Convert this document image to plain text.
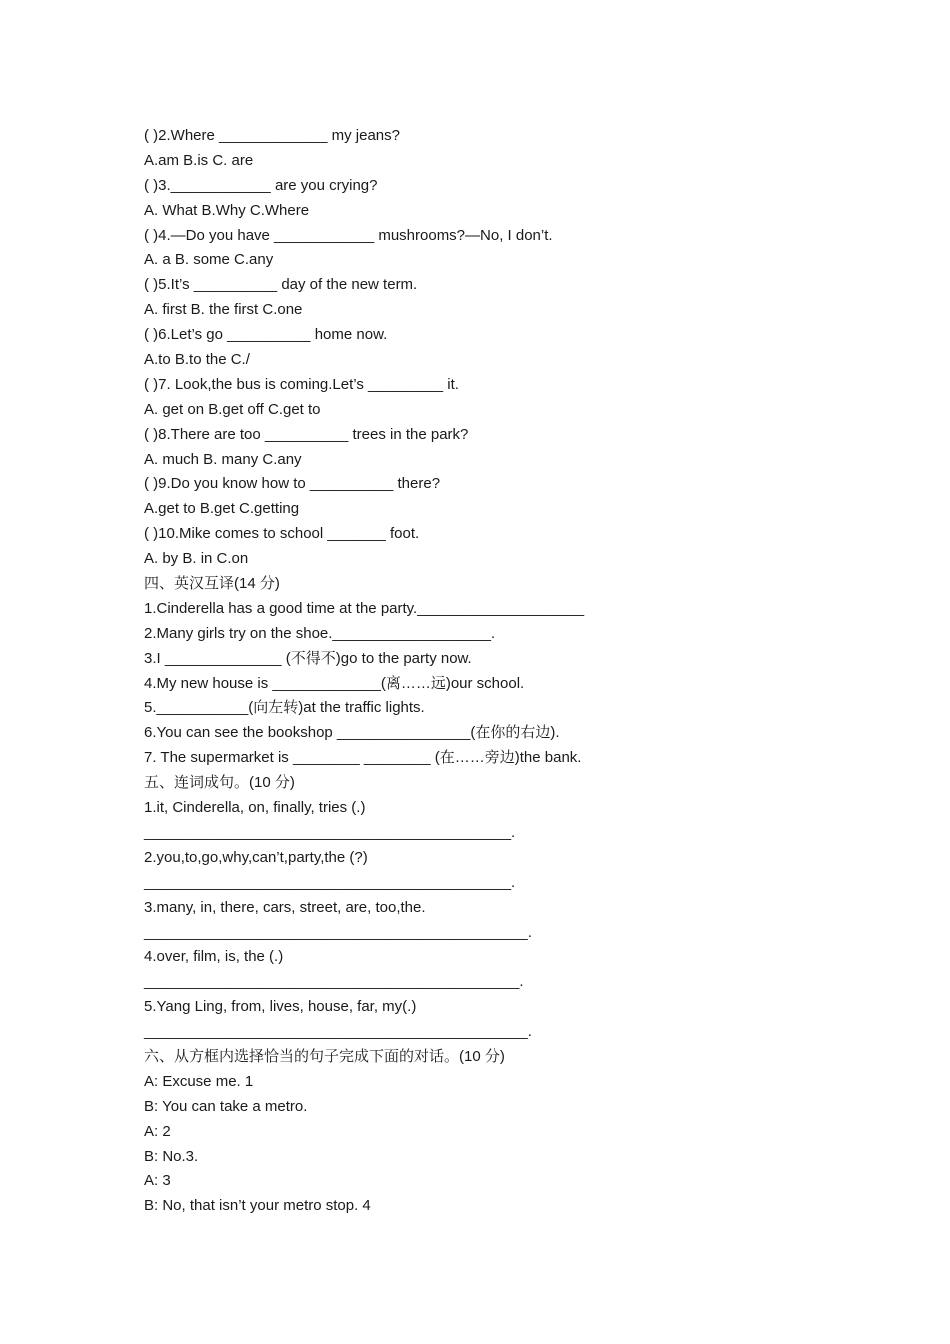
( )2.Where _____________ my jeans?
A.am B.is C. are
( )3.____________ are you crying?
A. What B.Why C.Where
( )4.—Do you have ____________ mushrooms?—No, I don’t.
A. a B. some C.any
( )5.It’s __________ day of the new term.
A. first B. the first C.one
( )6.Let’s go __________ home now.
A.to B.to the C./
( )7. Look,the bus is coming.Let’s _________ it.
A. get on B.get off C.get to
( )8.There are too __________ trees in the park?
A. much B. many C.any
( )9.Do you know how to __________ there?
A.get to B.get C.getting
( )10.Mike comes to school _______ foot.
A. by B. in C.on
四、英汉互译(14 分)
1.Cinderella has a good time at the party.____________________
2.Many girls try on the shoe.___________________.
3.I ______________ (不得不)go to the party now.
4.My new house is _____________(离……远)our school.
5.___________(向左转)at the traffic lights.
6.You can see the bookshop ________________(在你的右边).
7. The supermarket is ________ ________ (在……旁边)the bank.
五、连词成句。(10 分)
1.it, Cinderella, on, finally, tries (.)
____________________________________________.
2.you,to,go,why,can’t,party,the (?)
____________________________________________.
3.many, in, there, cars, street, are, too,the.
______________________________________________.
4.over, film, is, the (.)
_____________________________________________.
5.Yang Ling, from, lives, house, far, my(.)
______________________________________________.
六、从方框内选择恰当的句子完成下面的对话。(10 分)
A: Excuse me. 1
B: You can take a metro.
A: 2
B: No.3.
A: 3
B: No, that isn’t your metro stop. 4
